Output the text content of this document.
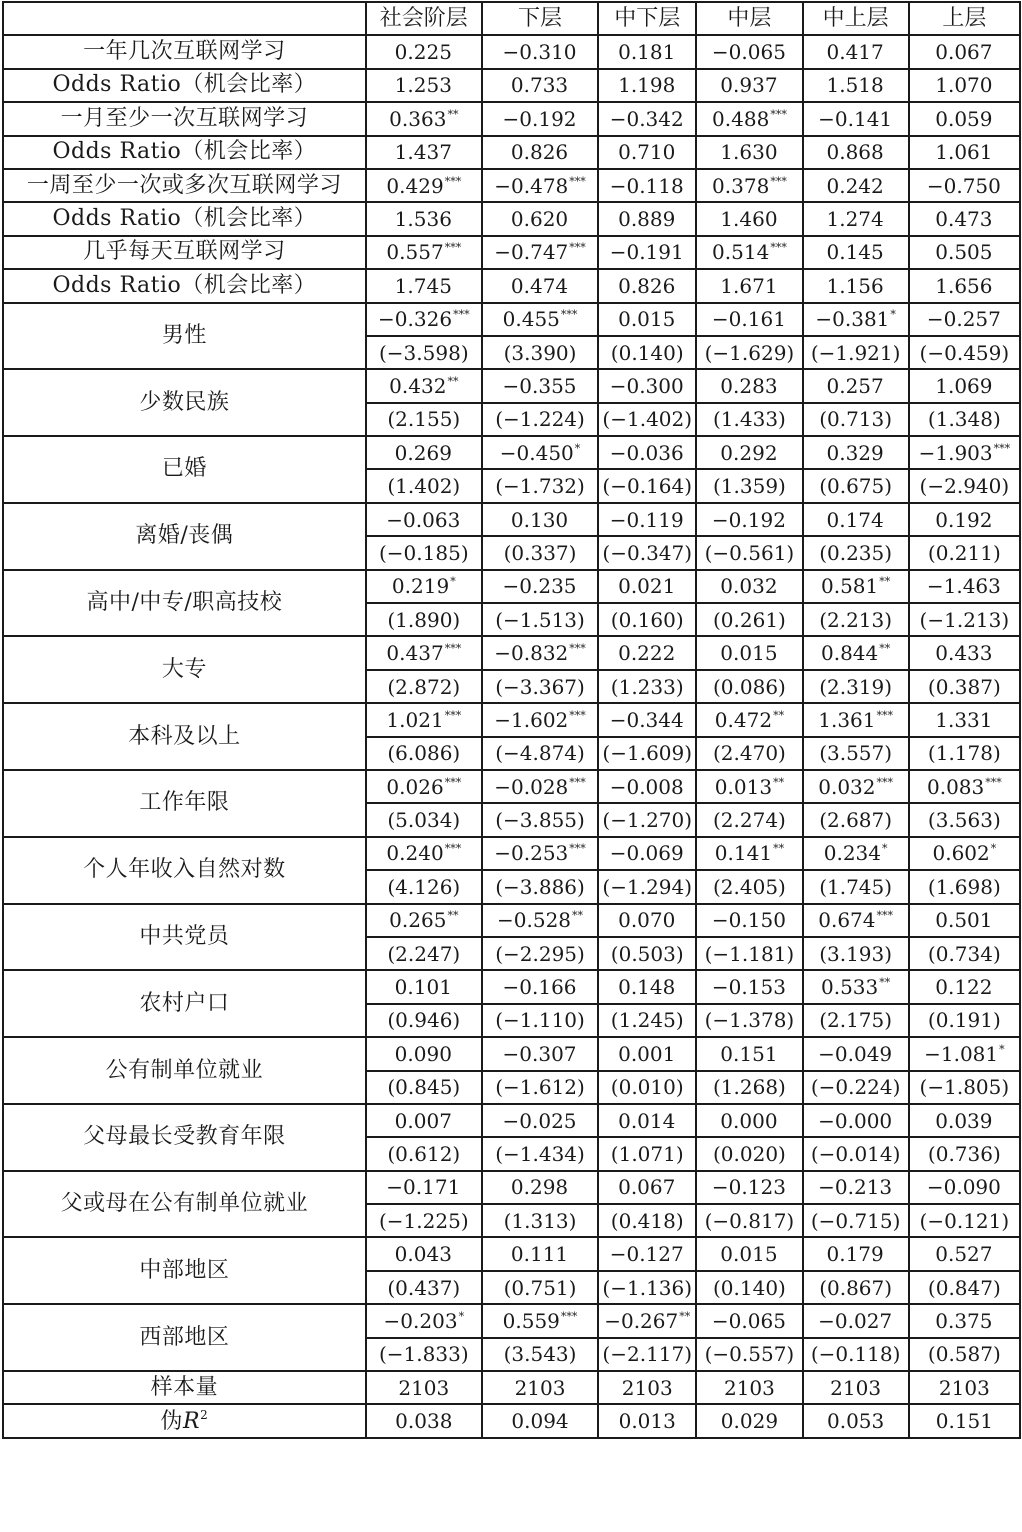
	社会阶层	下层	中下层	中层	中上层	上层
一年几次互联网学习	0.225	−0.310	0.181	−0.065	0.417	0.067
Odds Ratio（机会比率）	1.253	0.733	1.198	0.937	1.518	1.070
一月至少一次互联网学习	0.363**	−0.192	−0.342	0.488***	−0.141	0.059
Odds Ratio（机会比率）	1.437	0.826	0.710	1.630	0.868	1.061
一周至少一次或多次互联网学习	0.429***	−0.478***	−0.118	0.378***	0.242	−0.750
Odds Ratio（机会比率）	1.536	0.620	0.889	1.460	1.274	0.473
几乎每天互联网学习	0.557***	−0.747***	−0.191	0.514***	0.145	0.505
Odds Ratio（机会比率）	1.745	0.474	0.826	1.671	1.156	1.656
男性	−0.326***	0.455***	0.015	−0.161	−0.381*	−0.257
	(−3.598)	(3.390)	(0.140)	(−1.629)	(−1.921)	(−0.459)
少数民族	0.432**	−0.355	−0.300	0.283	0.257	1.069
	(2.155)	(−1.224)	(−1.402)	(1.433)	(0.713)	(1.348)
已婚	0.269	−0.450*	−0.036	0.292	0.329	−1.903***
	(1.402)	(−1.732)	(−0.164)	(1.359)	(0.675)	(−2.940)
离婚/丧偶	−0.063	0.130	−0.119	−0.192	0.174	0.192
	(−0.185)	(0.337)	(−0.347)	(−0.561)	(0.235)	(0.211)
高中/中专/职高技校	0.219*	−0.235	0.021	0.032	0.581**	−1.463
	(1.890)	(−1.513)	(0.160)	(0.261)	(2.213)	(−1.213)
大专	0.437***	−0.832***	0.222	0.015	0.844**	0.433
	(2.872)	(−3.367)	(1.233)	(0.086)	(2.319)	(0.387)
本科及以上	1.021***	−1.602***	−0.344	0.472**	1.361***	1.331
	(6.086)	(−4.874)	(−1.609)	(2.470)	(3.557)	(1.178)
工作年限	0.026***	−0.028***	−0.008	0.013**	0.032***	0.083***
	(5.034)	(−3.855)	(−1.270)	(2.274)	(2.687)	(3.563)
个人年收入自然对数	0.240***	−0.253***	−0.069	0.141**	0.234*	0.602*
	(4.126)	(−3.886)	(−1.294)	(2.405)	(1.745)	(1.698)
中共党员	0.265**	−0.528**	0.070	−0.150	0.674***	0.501
	(2.247)	(−2.295)	(0.503)	(−1.181)	(3.193)	(0.734)
农村户口	0.101	−0.166	0.148	−0.153	0.533**	0.122
	(0.946)	(−1.110)	(1.245)	(−1.378)	(2.175)	(0.191)
公有制单位就业	0.090	−0.307	0.001	0.151	−0.049	−1.081*
	(0.845)	(−1.612)	(0.010)	(1.268)	(−0.224)	(−1.805)
父母最长受教育年限	0.007	−0.025	0.014	0.000	−0.000	0.039
	(0.612)	(−1.434)	(1.071)	(0.020)	(−0.014)	(0.736)
父或母在公有制单位就业	−0.171	0.298	0.067	−0.123	−0.213	−0.090
	(−1.225)	(1.313)	(0.418)	(−0.817)	(−0.715)	(−0.121)
中部地区	0.043	0.111	−0.127	0.015	0.179	0.527
	(0.437)	(0.751)	(−1.136)	(0.140)	(0.867)	(0.847)
西部地区	−0.203*	0.559***	−0.267**	−0.065	−0.027	0.375
	(−1.833)	(3.543)	(−2.117)	(−0.557)	(−0.118)	(0.587)
样本量	2103	2103	2103	2103	2103	2103
伪$R^2$	0.038	0.094	0.013	0.029	0.053	0.151
